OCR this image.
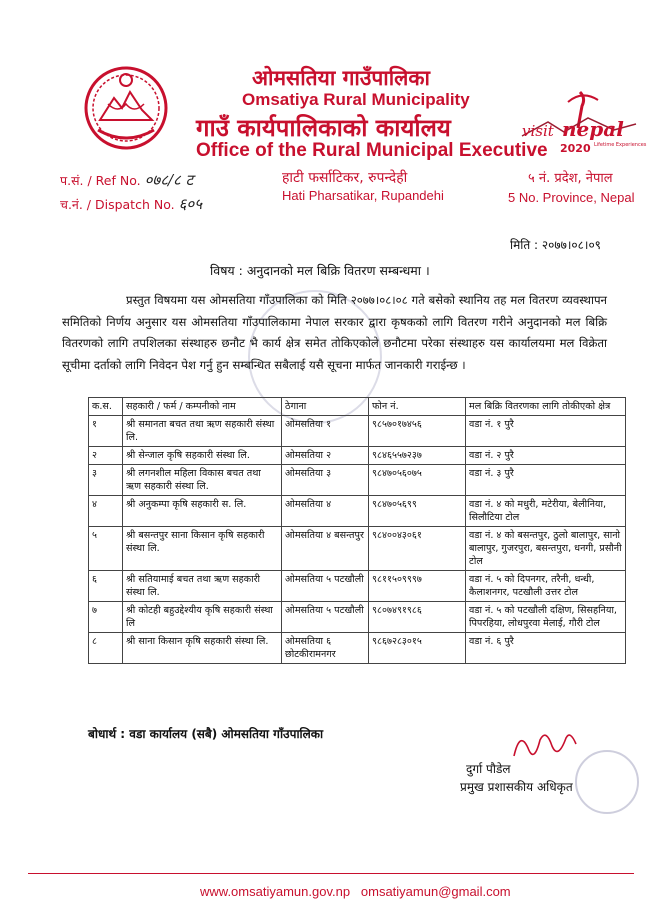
ओमसतिया गाउँपालिका
Omsatiya Rural Municipality
गाउँ कार्यपालिकाको कार्यालय
Office of the Rural Municipal Executive
visit nepal
2020 Lifetime Experiences
प.सं. / Ref No. ०७८/८ ट
च.नं. / Dispatch No. ६०५
हाटी फर्साटिकर, रुपन्देही
Hati Pharsatikar, Rupandehi
५ नं. प्रदेश, नेपाल
5 No. Province, Nepal
मिति : २०७७।०८।०९
विषय : अनुदानको मल बिक्रि वितरण सम्बन्धमा ।
प्रस्तुत विषयमा यस ओमसतिया गाँउपालिका को मिति २०७७।०८।०८ गते बसेको स्थानिय तह मल वितरण व्यवस्थापन समितिको निर्णय अनुसार यस ओमसतिया गाँउपालिकामा नेपाल सरकार द्वारा कृषकको लागि वितरण गरीने अनुदानको मल बिक्रि वितरणको लागि तपशिलका संस्थाहरु छनौट भै कार्य क्षेत्र समेत तोकिएकोले छनौटमा परेका संस्थाहरु यस कार्यालयमा मल विक्रेता सूचीमा दर्ताको लागि निवेदन पेश गर्नु हुन सम्बन्धित सबैलाई यसै सूचना मार्फत जानकारी गराईन्छ ।
क.स.	सहकारी / फर्म / कम्पनीको नाम	ठेगाना	फोन नं.	मल बिक्रि वितरणका लागि तोकीएको क्षेत्र
१	श्री समानता बचत तथा ऋण सहकारी संस्था लि.	ओमसतिया १	९८५७०१७४५६	वडा नं. १ पुरै
२	श्री सेन्जाल कृषि सहकारी संस्था लि.	ओमसतिया २	९८४६५५७२३७	वडा नं. २ पुरै
३	श्री लगनशील महिला विकास बचत तथा ऋण सहकारी संस्था लि.	ओमसतिया ३	९८४७०५६०७५	वडा नं. ३ पुरै
४	श्री अनुकम्पा कृषि सहकारी स. लि.	ओमसतिया ४	९८४७०५६९९	वडा नं. ४ को मधुरी, मटेरीया, बेलीनिया, सिलौटिया टोल
५	श्री बसन्तपुर साना किसान कृषि सहकारी संस्था लि.	ओमसतिया ४ बसन्तपुर	९८४००४३०६१	वडा नं. ४ को बसन्तपुर, ठुलो बालापुर, सानो बालापुर, गुजरपुरा, बसन्तपुरा, धनगी, प्रसौनी टोल
६	श्री सतियामाई बचत तथा ऋण सहकारी संस्था लि.	ओमसतिया ५ पटखौली	९८११५०९९९७	वडा नं. ५ को दिपनगर, तरैनी, धन्धी, कैलाशनगर, पटखौली उत्तर टोल
७	श्री कोटही बहुउद्देश्यीय कृषि सहकारी संस्था लि	ओमसतिया ५ पटखौली	९८०७४९१९८६	वडा नं. ५ को पटखौली दक्षिण, सिसहनिया, पिपरहिया, लोधपुरवा मेलाई, गौरी टोल
८	श्री साना किसान कृषि सहकारी संस्था लि.	ओमसतिया ६ छोटकीरामनगर	९८६७२८३०१५	वडा नं. ६ पुरै
बोधार्थ : वडा कार्यालय (सबै) ओमसतिया गाँउपालिका
दुर्गा पौडेल
प्रमुख प्रशासकीय अधिकृत
www.omsatiyamun.gov.np omsatiyamun@gmail.com
